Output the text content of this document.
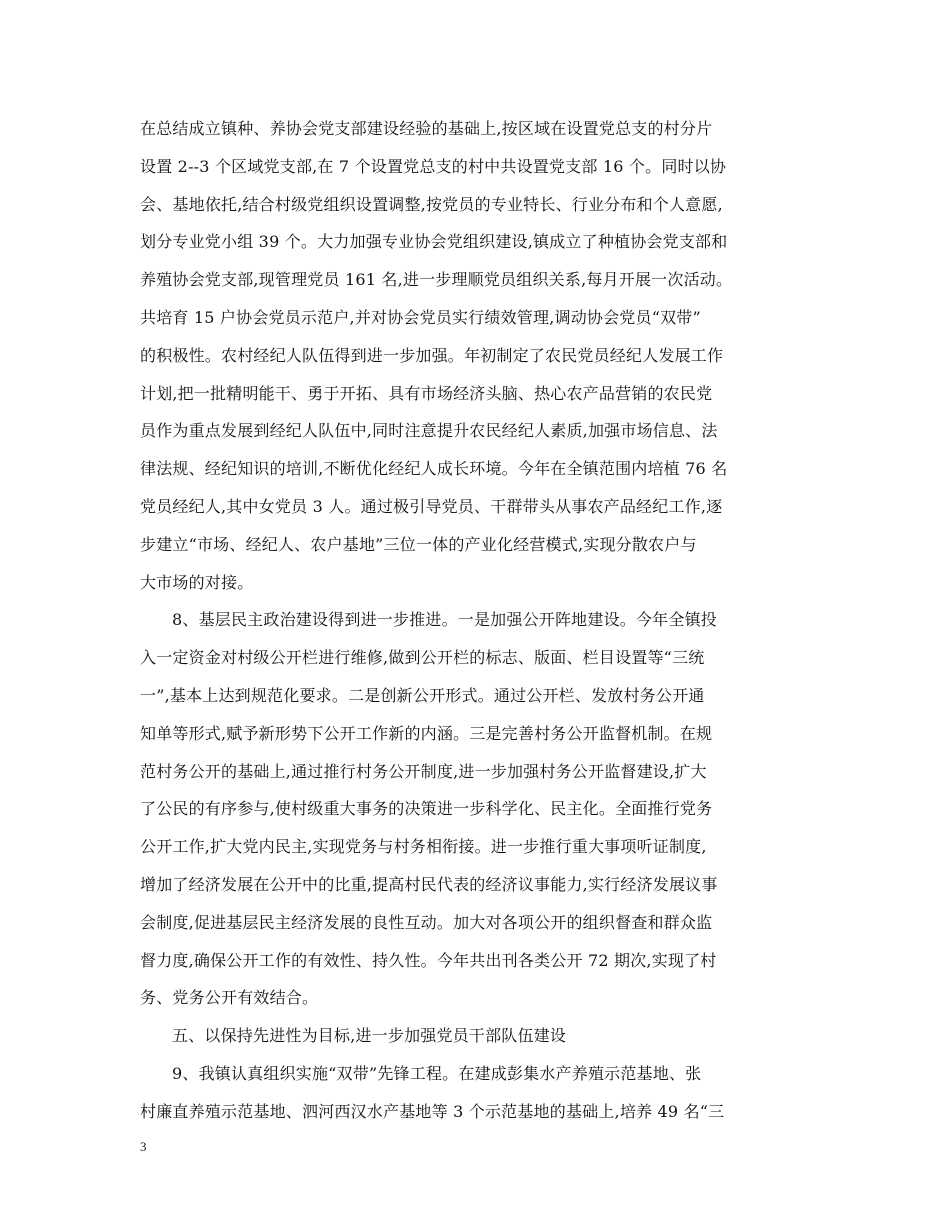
在总结成立镇种、养协会党支部建设经验的基础上,按区域在设置党总支的村分片
设置 2--3 个区域党支部,在 7 个设置党总支的村中共设置党支部 16 个。同时以协
会、基地依托,结合村级党组织设置调整,按党员的专业特长、行业分布和个人意愿,
划分专业党小组 39 个。大力加强专业协会党组织建设,镇成立了种植协会党支部和
养殖协会党支部,现管理党员 161 名,进一步理顺党员组织关系,每月开展一次活动。
共培育 15 户协会党员示范户,并对协会党员实行绩效管理,调动协会党员“双带”
的积极性。农村经纪人队伍得到进一步加强。年初制定了农民党员经纪人发展工作
计划,把一批精明能干、勇于开拓、具有市场经济头脑、热心农产品营销的农民党
员作为重点发展到经纪人队伍中,同时注意提升农民经纪人素质,加强市场信息、法
律法规、经纪知识的培训,不断优化经纪人成长环境。今年在全镇范围内培植 76 名
党员经纪人,其中女党员 3 人。通过极引导党员、干群带头从事农产品经纪工作,逐
步建立“市场、经纪人、农户基地”三位一体的产业化经营模式,实现分散农户与
大市场的对接。
8、基层民主政治建设得到进一步推进。一是加强公开阵地建设。今年全镇投
入一定资金对村级公开栏进行维修,做到公开栏的标志、版面、栏目设置等“三统
一”,基本上达到规范化要求。二是创新公开形式。通过公开栏、发放村务公开通
知单等形式,赋予新形势下公开工作新的内涵。三是完善村务公开监督机制。在规
范村务公开的基础上,通过推行村务公开制度,进一步加强村务公开监督建设,扩大
了公民的有序参与,使村级重大事务的决策进一步科学化、民主化。全面推行党务
公开工作,扩大党内民主,实现党务与村务相衔接。进一步推行重大事项听证制度,
增加了经济发展在公开中的比重,提高村民代表的经济议事能力,实行经济发展议事
会制度,促进基层民主经济发展的良性互动。加大对各项公开的组织督查和群众监
督力度,确保公开工作的有效性、持久性。今年共出刊各类公开 72 期次,实现了村
务、党务公开有效结合。
五、以保持先进性为目标,进一步加强党员干部队伍建设
9、我镇认真组织实施“双带”先锋工程。在建成彭集水产养殖示范基地、张
村廉直养殖示范基地、泗河西汉水产基地等 3 个示范基地的基础上,培养 49 名“三
3
